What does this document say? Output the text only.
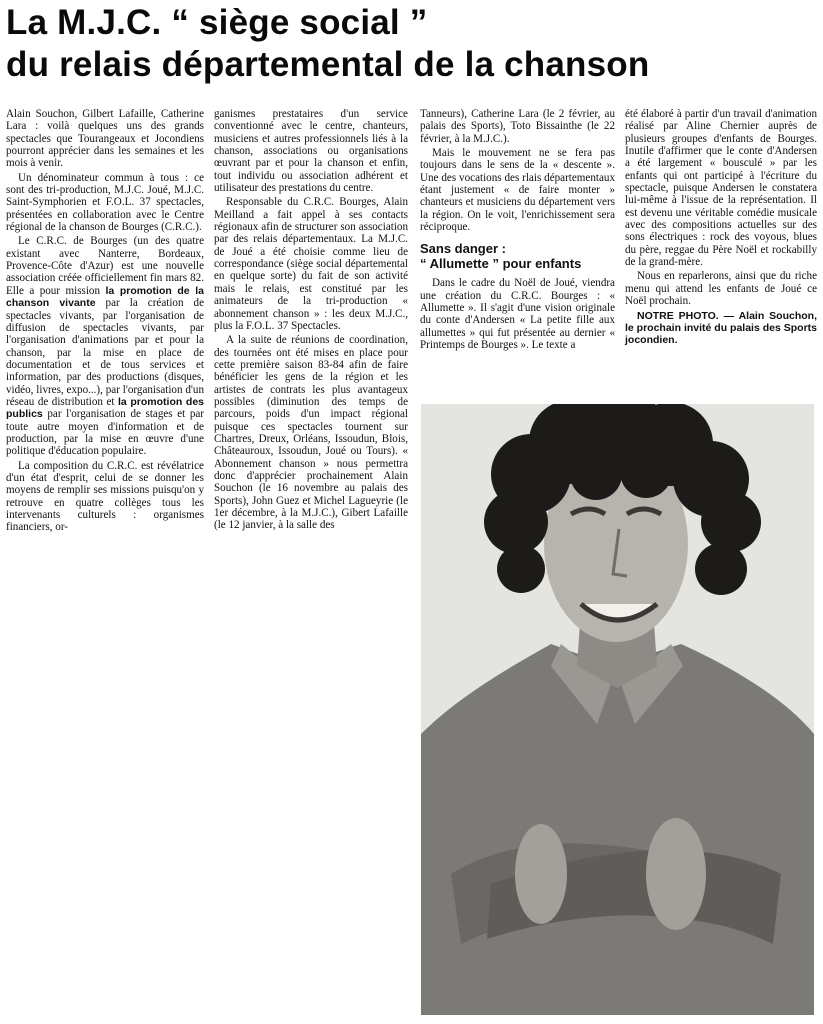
La M.J.C. “ siège social ”
du relais départemental de la chanson

Alain Souchon, Gilbert Lafaille, Catherine Lara : voilà quelques uns des grands spectacles que Tourangeaux et Jocondiens pourront apprécier dans les semaines et les mois à venir.

Un dénominateur commun à tous : ce sont des tri-production, M.J.C. Joué, M.J.C. Saint-Symphorien et F.O.L. 37 spectacles, présentées en collaboration avec le Centre régional de la chanson de Bourges (C.R.C.).

Le C.R.C. de Bourges (un des quatre existant avec Nanterre, Bordeaux, Provence-Côte d'Azur) est une nouvelle association créée officiellement fin mars 82. Elle a pour mission la promotion de la chanson vivante par la création de spectacles vivants, par l'organisation de diffusion de spectacles vivants, par l'organisation d'animations par et pour la chanson, par la mise en place de documentation et de tous services et information, par des productions (disques, vidéo, livres, expo...), par l'organisation d'un réseau de distribution et la promotion des publics par l'organisation de stages et par toute autre moyen d'information et de production, par la mise en œuvre d'une politique d'éducation populaire.

La composition du C.R.C. est révélatrice d'un état d'esprit, celui de se donner les moyens de remplir ses missions puisqu'on y retrouve en quatre collèges tous les intervenants culturels : organismes financiers, or-

ganismes prestataires d'un service conventionné avec le centre, chanteurs, musiciens et autres professionnels liés à la chanson, associations ou organisations œuvrant par et pour la chanson et enfin, tout individu ou association adhérent et utilisateur des prestations du centre.

Responsable du C.R.C. Bourges, Alain Meilland a fait appel à ses contacts régionaux afin de structurer son association par des relais départementaux. La M.J.C. de Joué a été choisie comme lieu de correspondance (siège social départemental en quelque sorte) du fait de son activité mais le relais, est constitué par les animateurs de la tri-production « abonnement chanson » : les deux M.J.C., plus la F.O.L. 37 Spectacles.

A la suite de réunions de coordination, des tournées ont été mises en place pour cette première saison 83-84 afin de faire bénéficier les gens de la région et les artistes de contrats les plus avantageux possibles (diminution des temps de parcours, poids d'un impact régional puisque ces spectacles tournent sur Chartres, Dreux, Orléans, Issoudun, Blois, Châteauroux, Issoudun, Joué ou Tours). « Abonnement chanson » nous permettra donc d'apprécier prochainement Alain Souchon (le 16 novembre au palais des Sports), John Guez et Michel Lagueyrie (le 1er décembre, à la M.J.C.), Gibert Lafaille (le 12 janvier, à la salle des

Tanneurs), Catherine Lara (le 2 février, au palais des Sports), Toto Bissainthe (le 22 février, à la M.J.C.).

Mais le mouvement ne se fera pas toujours dans le sens de la « descente ». Une des vocations des rlais départementaux étant justement « de faire monter » chanteurs et musiciens du département vers la région. On le voit, l'enrichissement sera réciproque.

Sans danger :
“ Allumette ” pour enfants

Dans le cadre du Noël de Joué, viendra une création du C.R.C. Bourges : « Allumette ». Il s'agit d'une vision originale du conte d'Andersen « La petite fille aux allumettes » qui fut présentée au dernier « Printemps de Bourges ». Le texte a

été élaboré à partir d'un travail d'animation réalisé par Aline Chernier auprès de plusieurs groupes d'enfants de Bourges. Inutile d'affirmer que le conte d'Andersen a été largement « bousculé » par les enfants qui ont participé à l'écriture du spectacle, puisque Andersen le constatera lui-même à l'issue de la représentation. Il est devenu une véritable comédie musicale avec des compositions actuelles sur des sons électriques : rock des voyous, blues du père, reggae du Père Noël et rockabilly de la grand-mère.

Nous en reparlerons, ainsi que du riche menu qui attend les enfants de Joué ce Noël prochain.

NOTRE PHOTO. — Alain Souchon, le prochain invité du palais des Sports jocondien.
